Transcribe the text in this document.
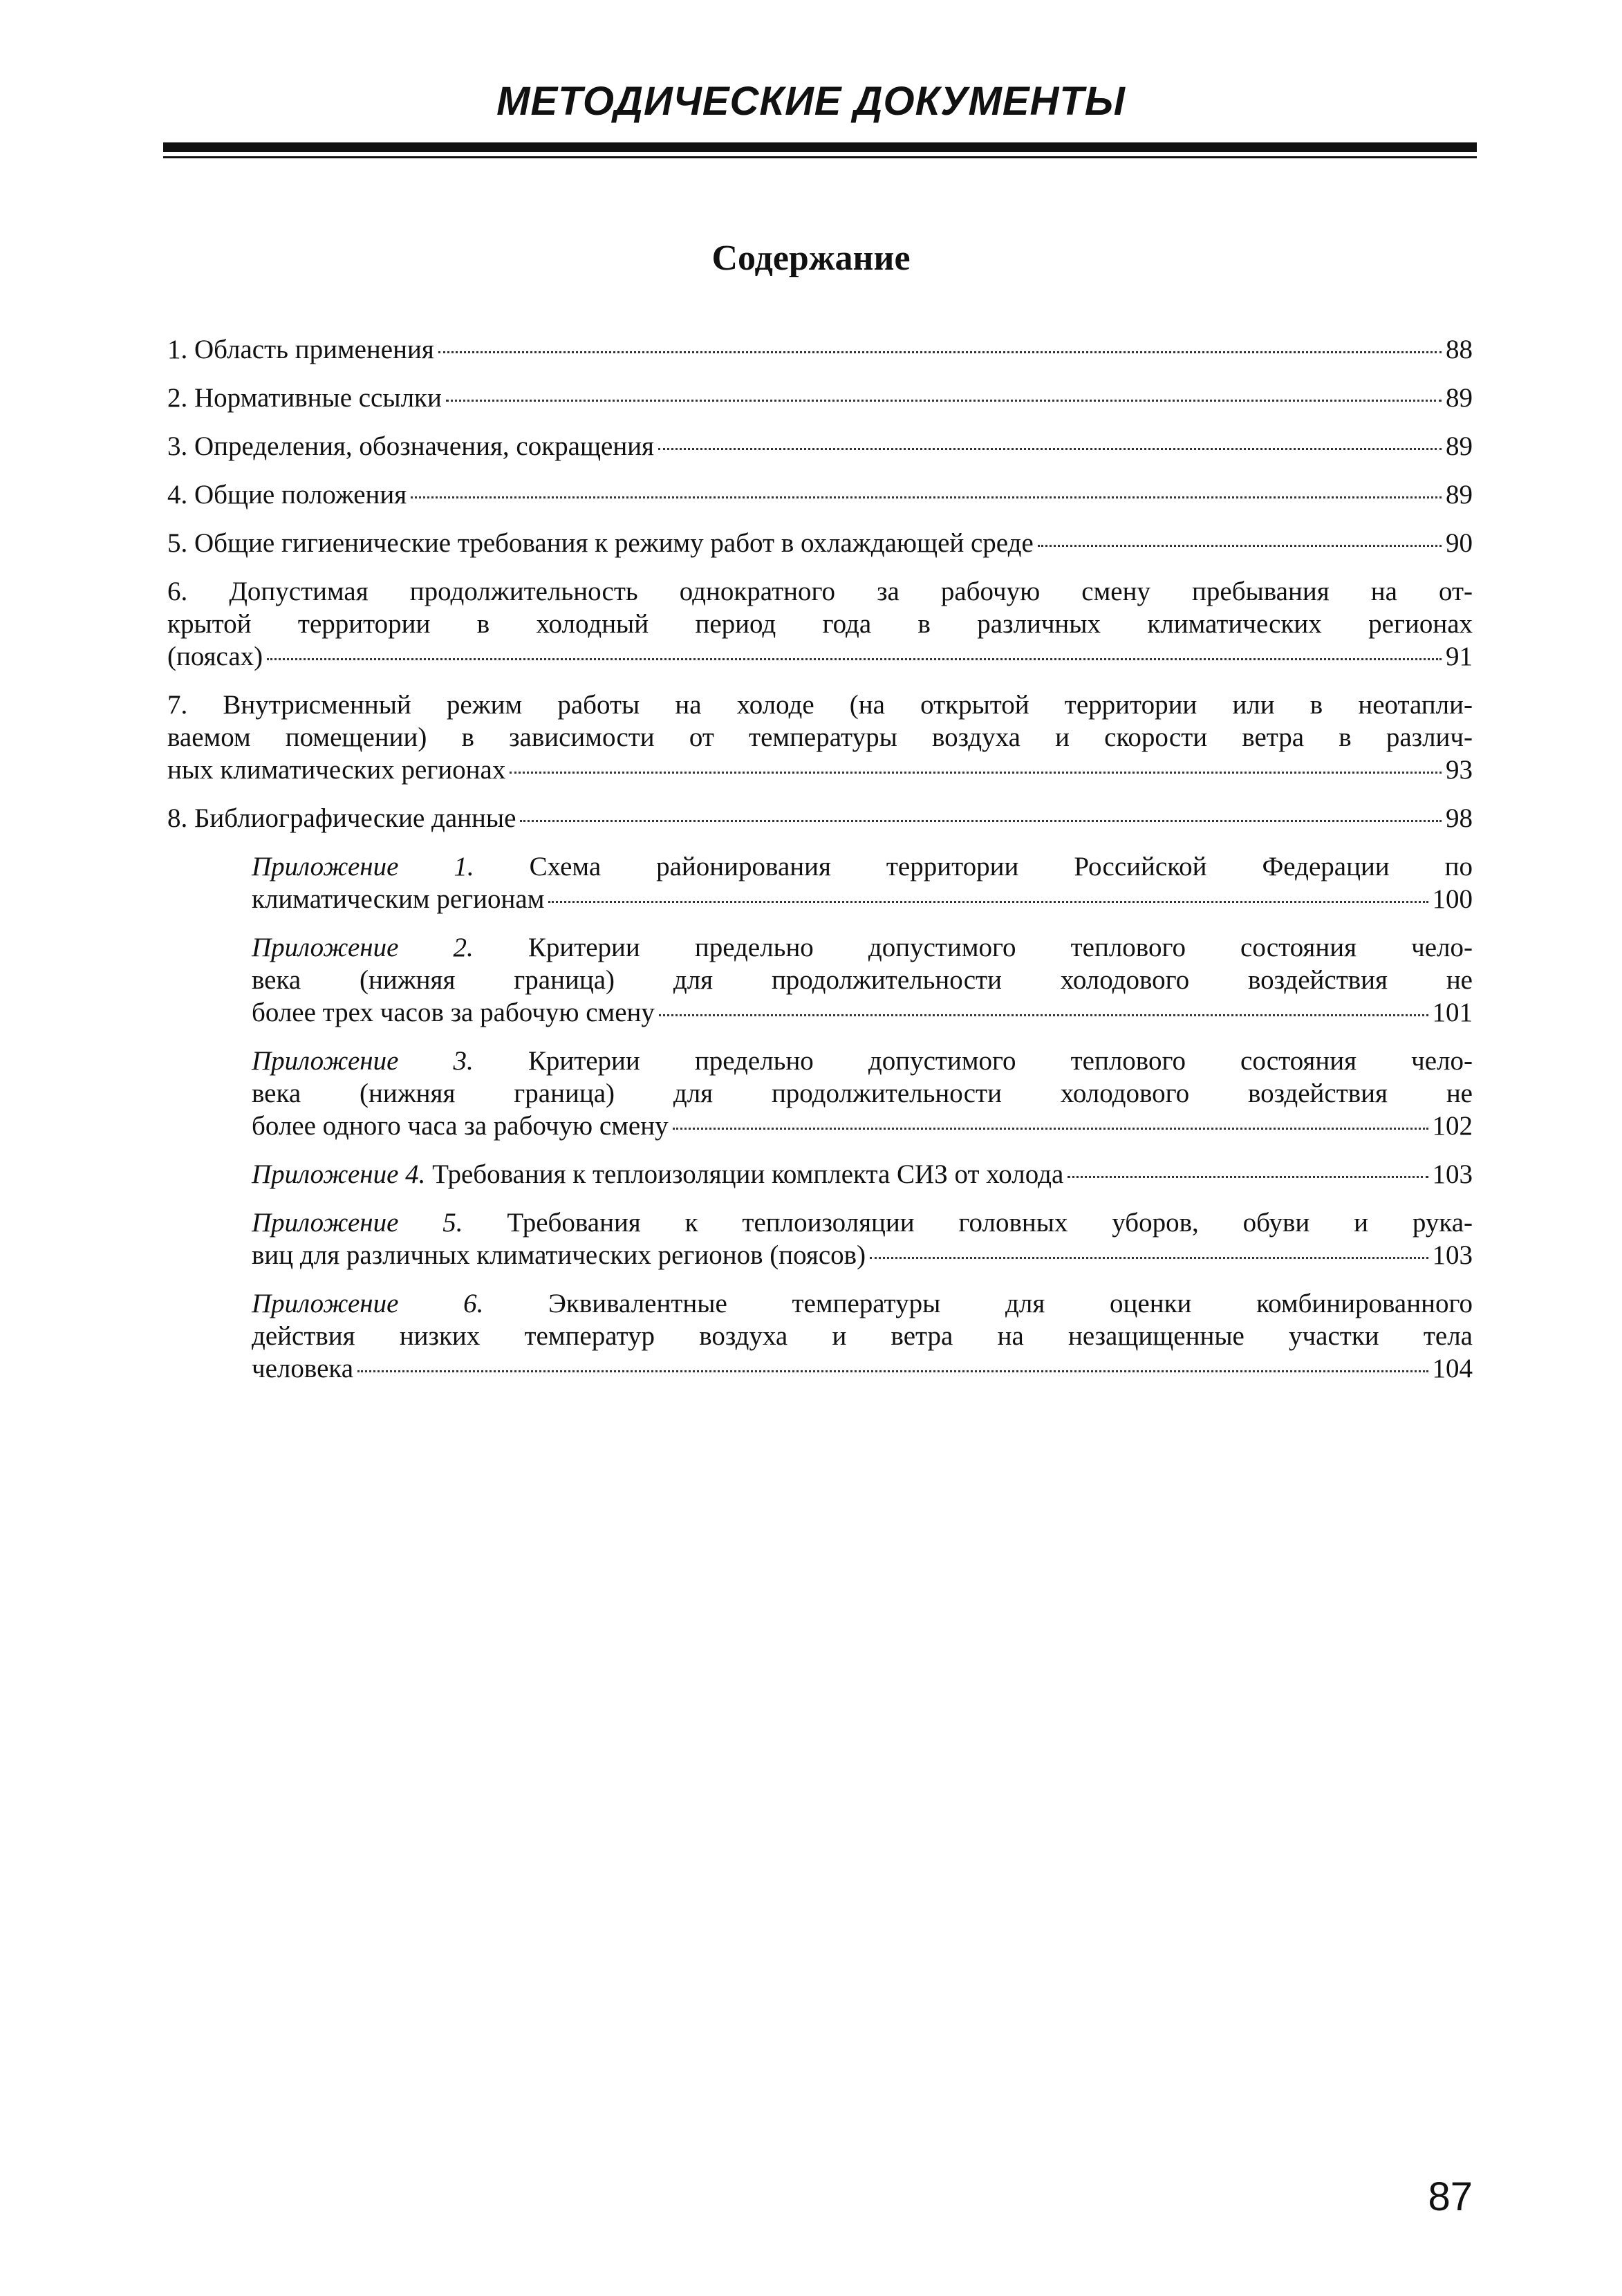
МЕТОДИЧЕСКИЕ ДОКУМЕНТЫ
Содержание
1. Область применения	88
2. Нормативные ссылки	89
3. Определения, обозначения, сокращения	89
4. Общие положения	89
5. Общие гигиенические требования к режиму работ в охлаждающей среде	90
6. Допустимая продолжительность однократного за рабочую смену пребывания на от-
крытой территории в холодный период года в различных климатических регионах
(поясах)	91
7. Внутрисменный режим работы на холоде (на открытой территории или в неотапли-
ваемом помещении) в зависимости от температуры воздуха и скорости ветра в различ-
ных климатических регионах	93
8. Библиографические данные	98
Приложение 1. Схема районирования территории Российской Федерации по
климатическим регионам	100
Приложение 2. Критерии предельно допустимого теплового состояния чело-
века (нижняя граница) для продолжительности холодового воздействия не
более трех часов за рабочую смену	101
Приложение 3. Критерии предельно допустимого теплового состояния чело-
века (нижняя граница) для продолжительности холодового воздействия не
более одного часа за рабочую смену	102
Приложение 4. Требования к теплоизоляции комплекта СИЗ от холода	103
Приложение 5. Требования к теплоизоляции головных уборов, обуви и рука-
виц для различных климатических регионов (поясов)	103
Приложение 6. Эквивалентные температуры для оценки комбинированного
действия низких температур воздуха и ветра на незащищенные участки тела
человека	104
87
